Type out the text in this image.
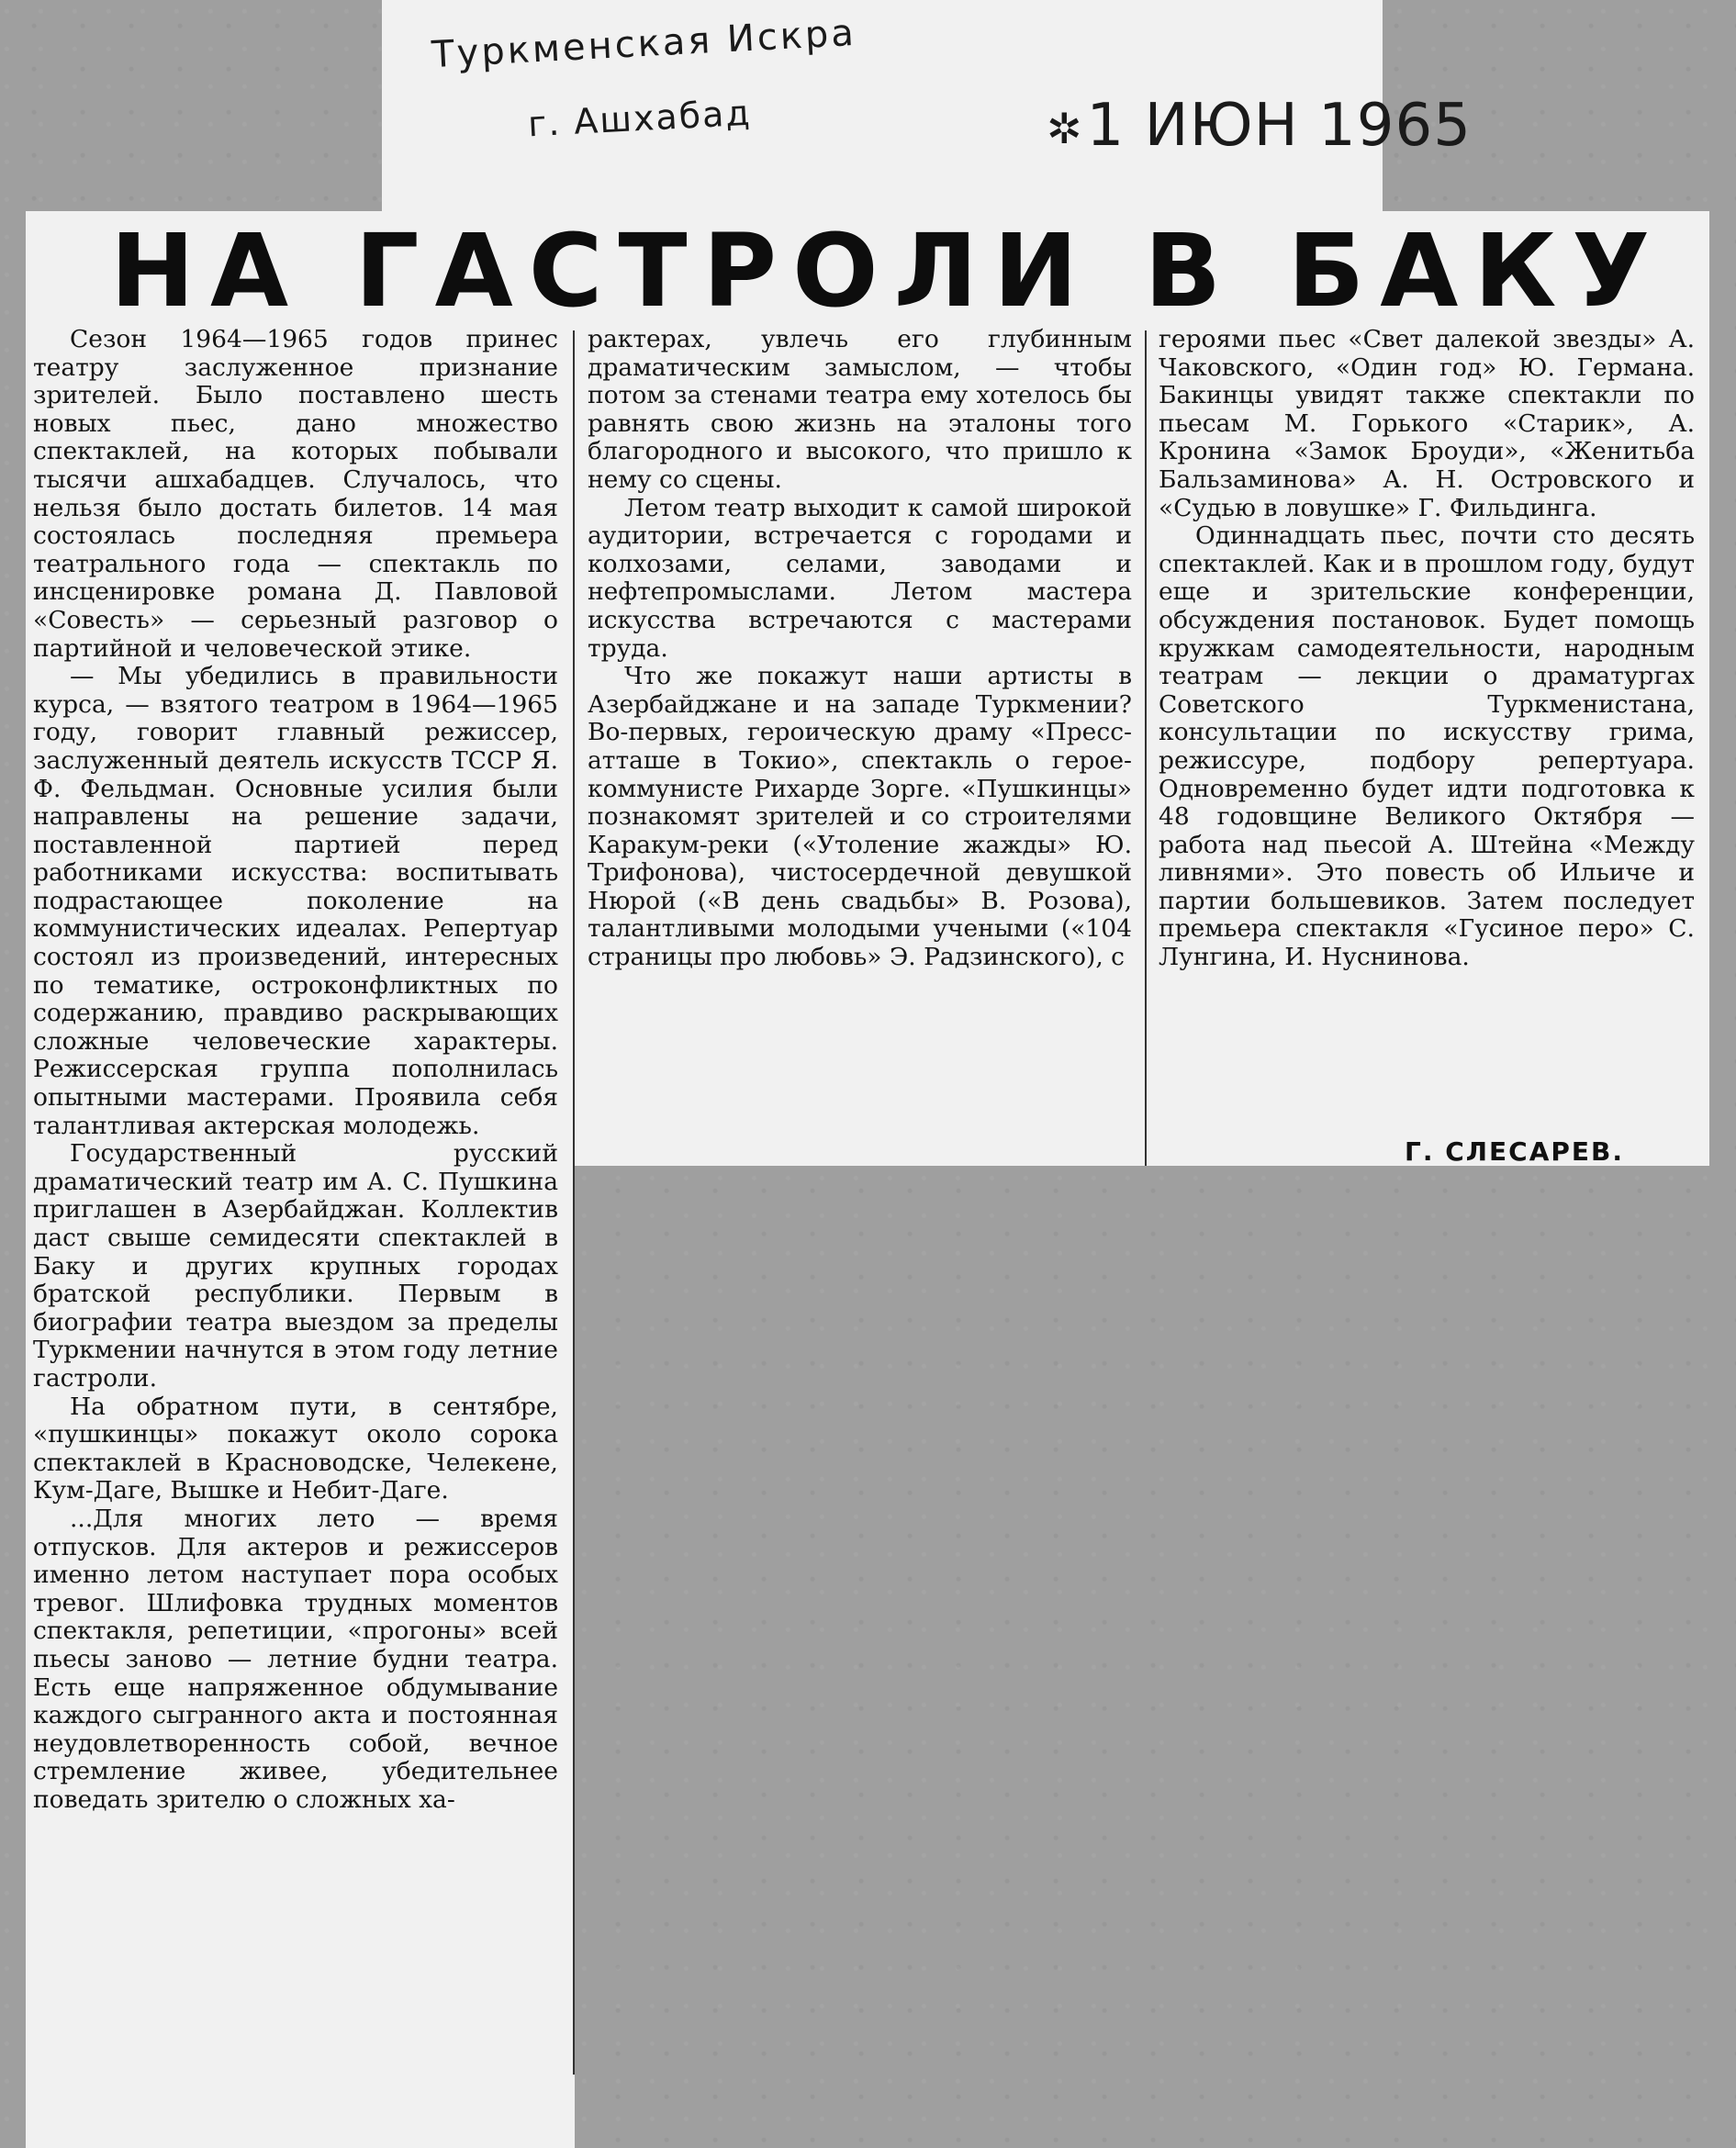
Туркменская Искра
г. Ашхабад	✲1 ИЮН 1965
НА ГАСТРОЛИ В БАКУ

Сезон 1964—1965 годов принес театру заслуженное признание зрителей. Было поставлено шесть новых пьес, дано множество спектаклей, на которых побывали тысячи ашхабадцев. Случалось, что нельзя было достать билетов. 14 мая состоялась последняя премьера театрального года — спектакль по инсценировке романа Д. Павловой «Совесть» — серьезный разговор о партийной и человеческой этике.

— Мы убедились в правильности курса, — взятого театром в 1964—1965 году, говорит главный режиссер, заслуженный деятель искусств ТССР Я. Ф. Фельдман. Основные усилия были направлены на решение задачи, поставленной партией перед работниками искусства: воспитывать подрастающее поколение на коммунистических идеалах. Репертуар состоял из произведений, интересных по тематике, остроконфликтных по содержанию, правдиво раскрывающих сложные человеческие характеры. Режиссерская группа пополнилась опытными мастерами. Проявила себя талантливая актерская молодежь.

Государственный русский драматический театр им А. С. Пушкина приглашен в Азербайджан. Коллектив даст свыше семидесяти спектаклей в Баку и других крупных городах братской республики. Первым в биографии театра выездом за пределы Туркмении начнутся в этом году летние гастроли.

На обратном пути, в сентябре, «пушкинцы» покажут около сорока спектаклей в Красноводске, Челекене, Кум-Даге, Вышке и Небит-Даге.

...Для многих лето — время отпусков. Для актеров и режиссеров именно летом наступает пора особых тревог. Шлифовка трудных моментов спектакля, репетиции, «прогоны» всей пьесы заново — летние будни театра. Есть еще напряженное обдумывание каждого сыгранного акта и постоянная неудовлетворенность собой, вечное стремление живее, убедительнее поведать зрителю о сложных ха-

рактерах, увлечь его глубинным драматическим замыслом, — чтобы потом за стенами театра ему хотелось бы равнять свою жизнь на эталоны того благородного и высокого, что пришло к нему со сцены.

Летом театр выходит к самой широкой аудитории, встречается с городами и колхозами, селами, заводами и нефтепромыслами. Летом мастера искусства встречаются с мастерами труда.

Что же покажут наши артисты в Азербайджане и на западе Туркмении? Во-первых, героическую драму «Пресс-атташе в Токио», спектакль о герое-коммунисте Рихарде Зорге. «Пушкинцы» познакомят зрителей и со строителями Каракум-реки («Утоление жажды» Ю. Трифонова), чистосердечной девушкой Нюрой («В день свадьбы» В. Розова), талантливыми молодыми учеными («104 страницы про любовь» Э. Радзинского), с

героями пьес «Свет далекой звезды» А. Чаковского, «Один год» Ю. Германа. Бакинцы увидят также спектакли по пьесам М. Горького «Старик», А. Кронина «Замок Броуди», «Женитьба Бальзаминова» А. Н. Островского и «Судью в ловушке» Г. Фильдинга.

Одиннадцать пьес, почти сто десять спектаклей. Как и в прошлом году, будут еще и зрительские конференции, обсуждения постановок. Будет помощь кружкам самодеятельности, народным театрам — лекции о драматургах Советского Туркменистана, консультации по искусству грима, режиссуре, подбору репертуара. Одновременно будет идти подготовка к 48 годовщине Великого Октября — работа над пьесой А. Штейна «Между ливнями». Это повесть об Ильиче и партии большевиков. Затем последует премьера спектакля «Гусиное перо» С. Лунгина, И. Нуснинова.

Г. СЛЕСАРЕВ.
